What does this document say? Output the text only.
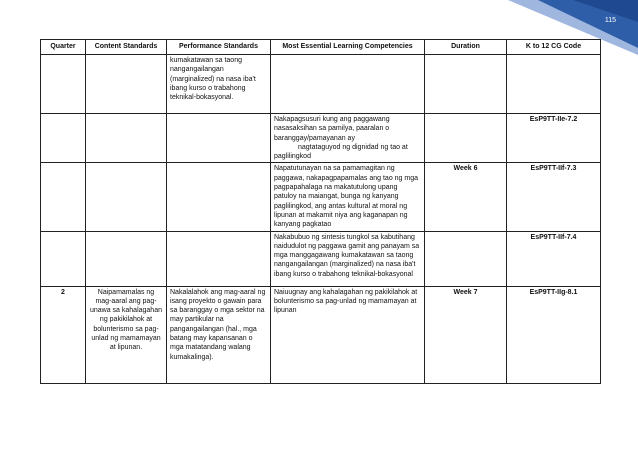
115
Quarter	Content Standards	Performance Standards	Most Essential Learning Competencies	Duration	K to 12 CG Code
		kumakatawan sa taong nangangailangan (marginalized) na nasa iba't ibang kurso o trabahong teknikal-bokasyonal.			
			Nakapagsusuri kung ang paggawang nasasaksihan sa pamilya, paaralan o baranggay/pamayanan ay
nagtataguyod ng dignidad ng tao at
paglilingkod		EsP9TT-IIe-7.2
			Napatutunayan na sa pamamagitan ng paggawa, nakapagpapamalas ang tao ng mga pagpapahalaga na makatutulong upang patuloy na maiangat, bunga ng kanyang paglilingkod, ang antas kultural at moral ng lipunan at makamit niya ang kaganapan ng kanyang pagkatao	Week 6	EsP9TT-IIf-7.3
			Nakabubuo ng sintesis tungkol sa kabutihang naidudulot ng paggawa gamit ang panayam sa mga manggagawang kumakatawan sa taong nangangailangan (marginalized) na nasa iba't ibang kurso o trabahong teknikal-bokasyonal		EsP9TT-IIf-7.4
2	Naipamamalas ng mag-aaral ang pag-unawa sa kahalagahan ng pakikilahok at bolunterismo sa pag-unlad ng mamamayan at lipunan.	Nakalalahok ang mag-aaral ng isang proyekto o gawain para sa baranggay o mga sektor na may partikular na pangangailangan (hal., mga batang may kapansanan o mga matatandang walang kumakalinga).	Naiuugnay ang kahalagahan ng pakikilahok at bolunterismo sa pag-unlad ng mamamayan at lipunan	Week 7	EsP9TT-IIg-8.1
